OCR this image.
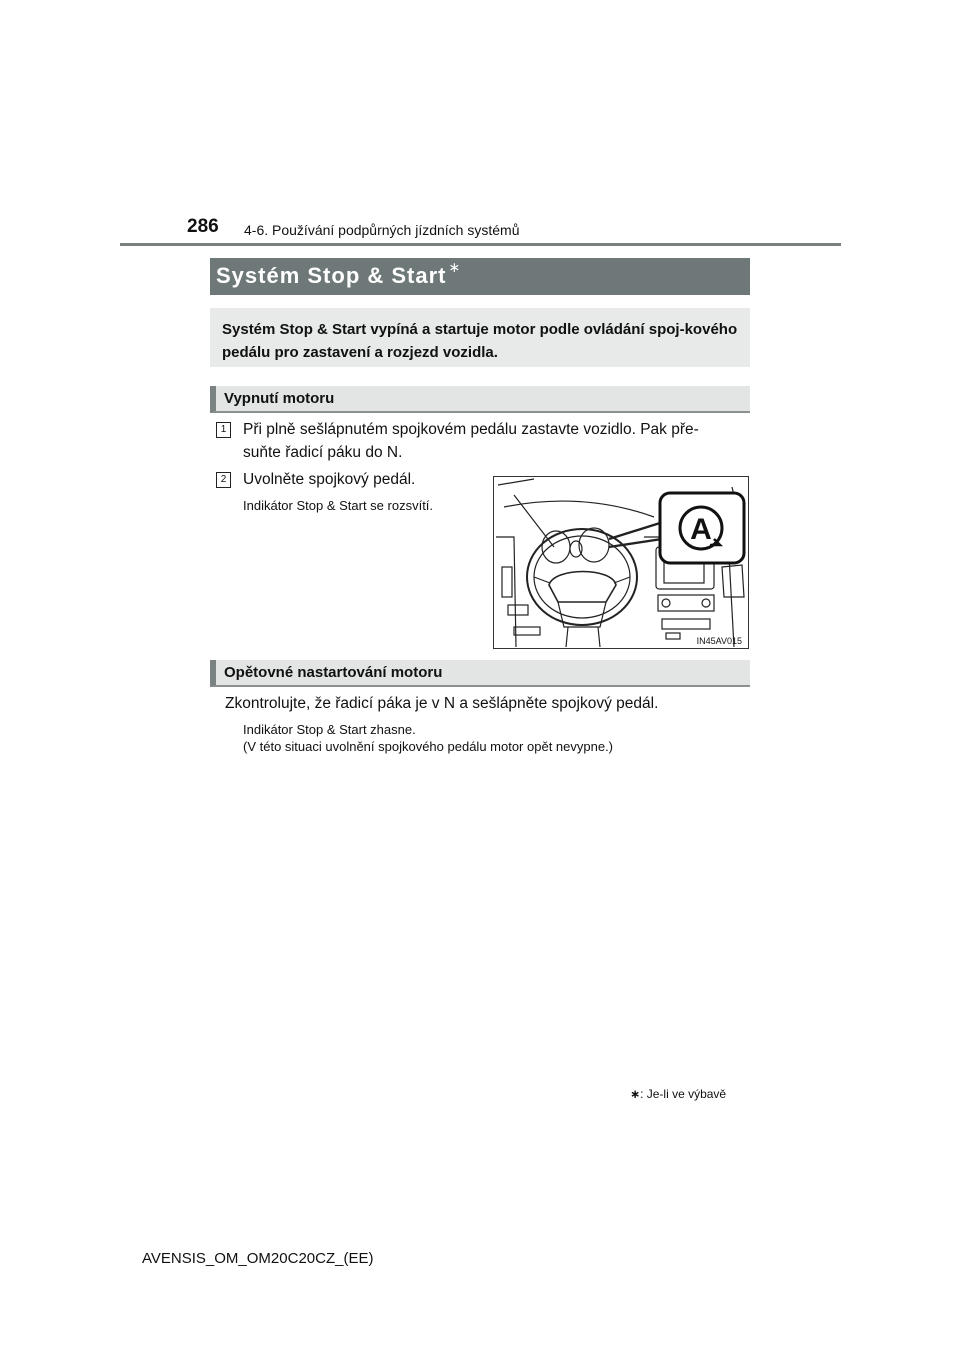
286 4-6. Používání podpůrných jízdních systémů
Systém Stop & Start ∗
Systém Stop & Start vypíná a startuje motor podle ovládání spoj-kového pedálu pro zastavení a rozjezd vozidla.
Vypnutí motoru
1	Při plně sešlápnutém spojkovém pedálu zastavte vozidlo. Pak pře-
suňte řadicí páku do N.
2	Uvolněte spojkový pedál.
Indikátor Stop & Start se rozsvítí.
A
IN45AV015
Opětovné nastartování motoru
Zkontrolujte, že řadicí páka je v N a sešlápněte spojkový pedál.
Indikátor Stop & Start zhasne.
(V této situaci uvolnění spojkového pedálu motor opět nevypne.)
∗: Je-li ve výbavě
AVENSIS_OM_OM20C20CZ_(EE)
